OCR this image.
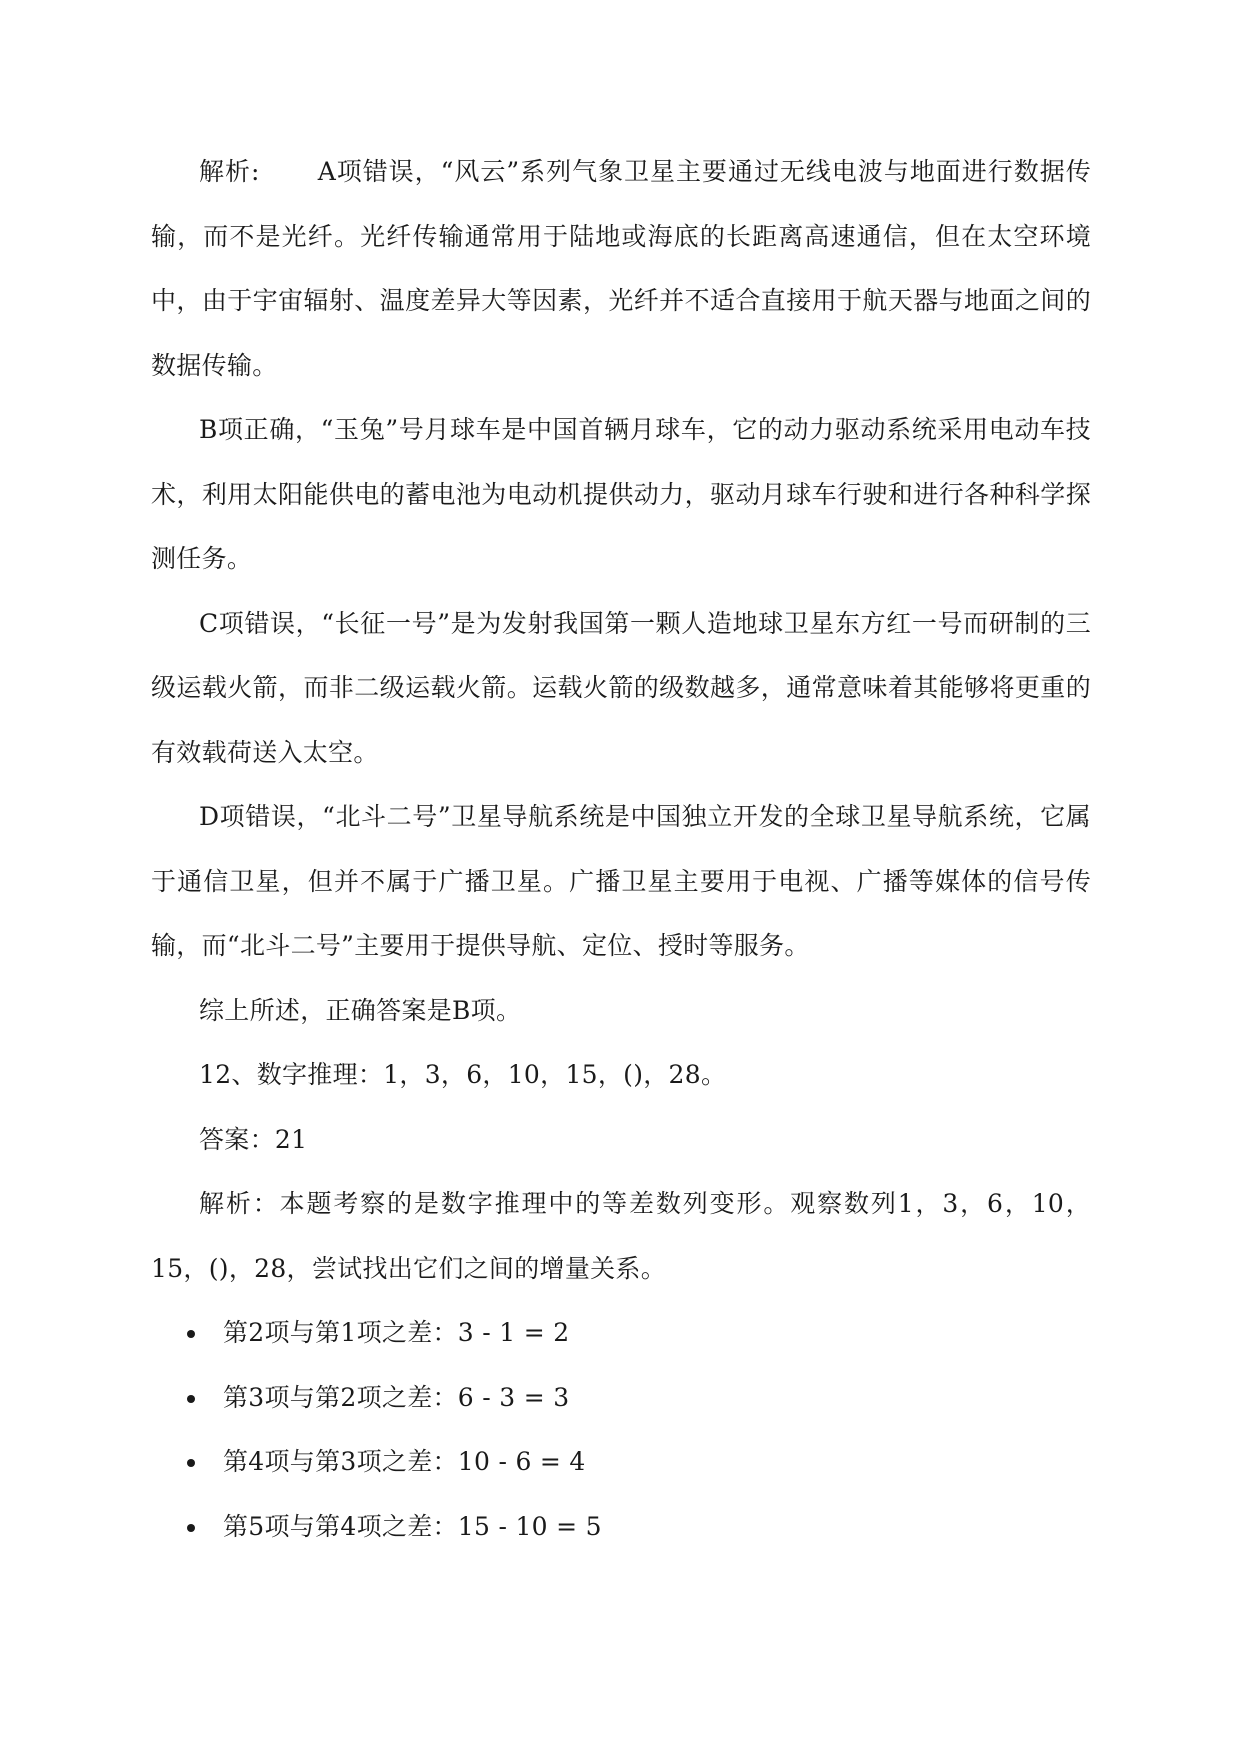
解析: A项错误，“风云”系列气象卫星主要通过无线电波与地面进行数据传输，而不是光纤。光纤传输通常用于陆地或海底的长距离高速通信，但在太空环境中，由于宇宙辐射、温度差异大等因素，光纤并不适合直接用于航天器与地面之间的数据传输。

B项正确，“玉兔”号月球车是中国首辆月球车，它的动力驱动系统采用电动车技术，利用太阳能供电的蓄电池为电动机提供动力，驱动月球车行驶和进行各种科学探测任务。

C项错误，“长征一号”是为发射我国第一颗人造地球卫星东方红一号而研制的三级运载火箭，而非二级运载火箭。运载火箭的级数越多，通常意味着其能够将更重的有效载荷送入太空。

D项错误，“北斗二号”卫星导航系统是中国独立开发的全球卫星导航系统，它属于通信卫星，但并不属于广播卫星。广播卫星主要用于电视、广播等媒体的信号传输，而“北斗二号”主要用于提供导航、定位、授时等服务。

综上所述，正确答案是B项。

12、数字推理：1，3，6，10，15，()，28。

答案：21

解析：本题考察的是数字推理中的等差数列变形。观察数列1，3，6，10，15，()，28，尝试找出它们之间的增量关系。

第2项与第1项之差：3 - 1 = 2
第3项与第2项之差：6 - 3 = 3
第4项与第3项之差：10 - 6 = 4
第5项与第4项之差：15 - 10 = 5
